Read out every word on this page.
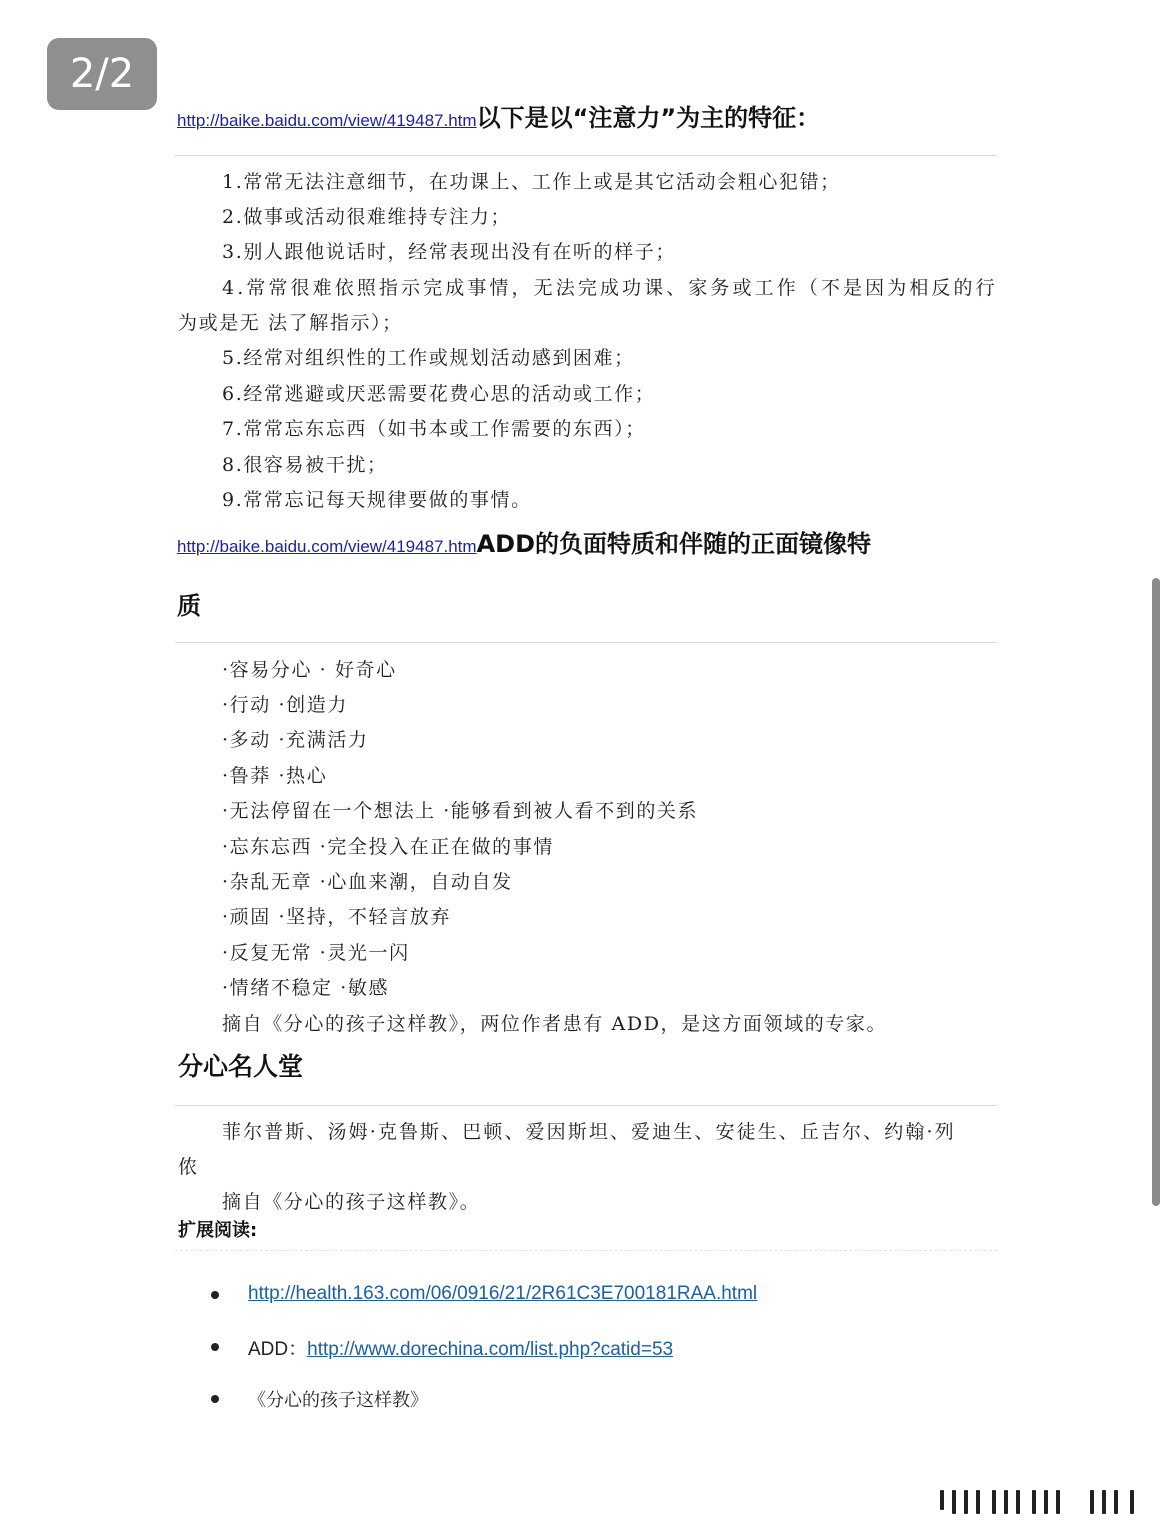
2/2
http://baike.baidu.com/view/419487.htm以下是以“注意力”为主的特征：
1.常常无法注意细节，在功课上、工作上或是其它活动会粗心犯错；
2.做事或活动很难维持专注力；
3.别人跟他说话时，经常表现出没有在听的样子；
4.常常很难依照指示完成事情，无法完成功课、家务或工作（不是因为相反的行
为或是无 法了解指示）；
5.经常对组织性的工作或规划活动感到困难；
6.经常逃避或厌恶需要花费心思的活动或工作；
7.常常忘东忘西（如书本或工作需要的东西）；
8.很容易被干扰；
9.常常忘记每天规律要做的事情。
http://baike.baidu.com/view/419487.htmADD的负面特质和伴随的正面镜像特
质
·容易分心 · 好奇心
·行动 ·创造力
·多动 ·充满活力
·鲁莽 ·热心
·无法停留在一个想法上 ·能够看到被人看不到的关系
·忘东忘西 ·完全投入在正在做的事情
·杂乱无章 ·心血来潮，自动自发
·顽固 ·坚持，不轻言放弃
·反复无常 ·灵光一闪
·情绪不稳定 ·敏感
摘自《分心的孩子这样教》，两位作者患有 ADD，是这方面领域的专家。
分心名人堂
菲尔普斯、汤姆·克鲁斯、巴顿、爱因斯坦、爱迪生、安徒生、丘吉尔、约翰·列
侬
摘自《分心的孩子这样教》。
扩展阅读:
http://health.163.com/06/0916/21/2R61C3E700181RAA.html
ADD：http://www.dorechina.com/list.php?catid=53
《分心的孩子这样教》
